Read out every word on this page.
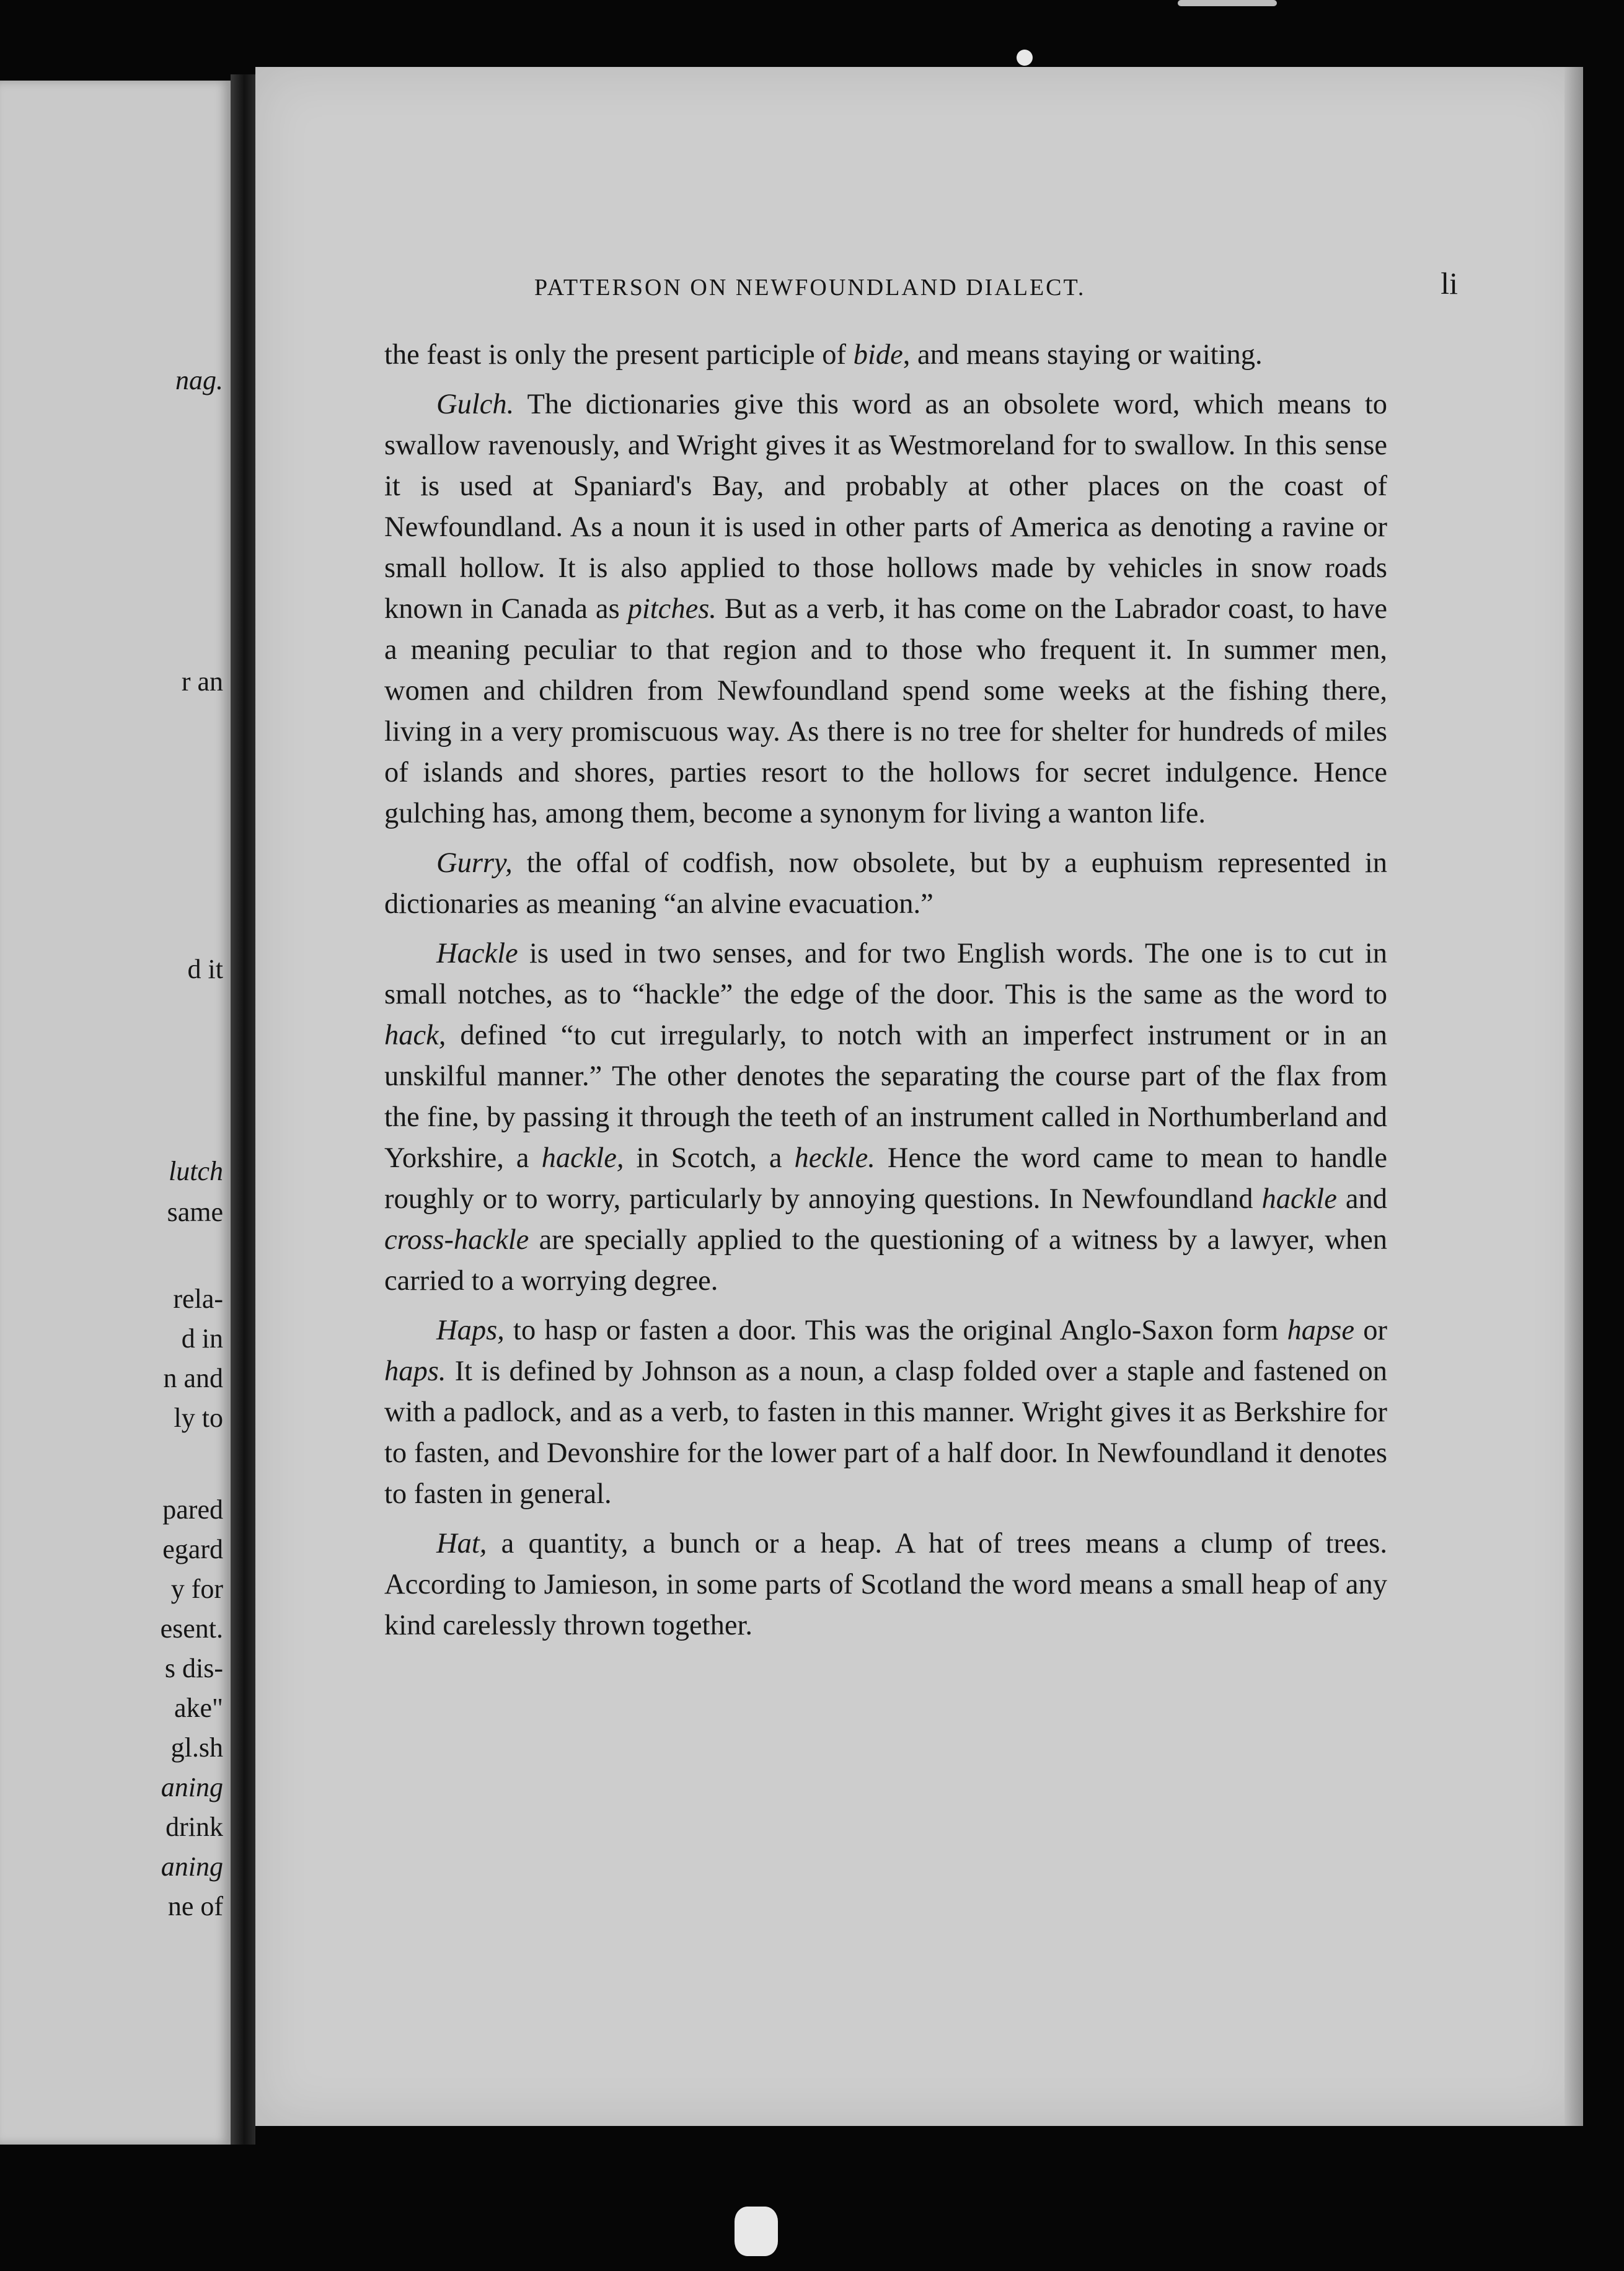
nag.

r an

d it

lutch

same

rela-

d in

n and

ly to

pared

egard

y for

esent.

s dis-

ake"

gl.sh

aning

drink

aning

ne of

PATTERSON ON NEWFOUNDLAND DIALECT.	li

the feast is only the present participle of bide, and means staying or waiting.

Gulch. The dictionaries give this word as an obsolete word, which means to swallow ravenously, and Wright gives it as Westmoreland for to swallow. In this sense it is used at Spaniard's Bay, and probably at other places on the coast of Newfoundland. As a noun it is used in other parts of America as denoting a ravine or small hollow. It is also applied to those hollows made by vehicles in snow roads known in Canada as pitches. But as a verb, it has come on the Labrador coast, to have a meaning peculiar to that region and to those who frequent it. In summer men, women and children from Newfoundland spend some weeks at the fishing there, living in a very promiscuous way. As there is no tree for shelter for hundreds of miles of islands and shores, parties resort to the hollows for secret indulgence. Hence gulching has, among them, become a synonym for living a wanton life.

Gurry, the offal of codfish, now obsolete, but by a euphuism represented in dictionaries as meaning “an alvine evacuation.”

Hackle is used in two senses, and for two English words. The one is to cut in small notches, as to “hackle” the edge of the door. This is the same as the word to hack, defined “to cut irregularly, to notch with an imperfect instrument or in an unskilful manner.” The other denotes the separating the course part of the flax from the fine, by passing it through the teeth of an instrument called in Northumberland and Yorkshire, a hackle, in Scotch, a heckle. Hence the word came to mean to handle roughly or to worry, particularly by annoying questions. In Newfoundland hackle and cross-hackle are specially applied to the questioning of a witness by a lawyer, when carried to a worrying degree.

Haps, to hasp or fasten a door. This was the original Anglo-Saxon form hapse or haps. It is defined by Johnson as a noun, a clasp folded over a staple and fastened on with a padlock, and as a verb, to fasten in this manner. Wright gives it as Berkshire for to fasten, and Devonshire for the lower part of a half door. In Newfoundland it denotes to fasten in general.

Hat, a quantity, a bunch or a heap. A hat of trees means a clump of trees. According to Jamieson, in some parts of Scotland the word means a small heap of any kind carelessly thrown together.
